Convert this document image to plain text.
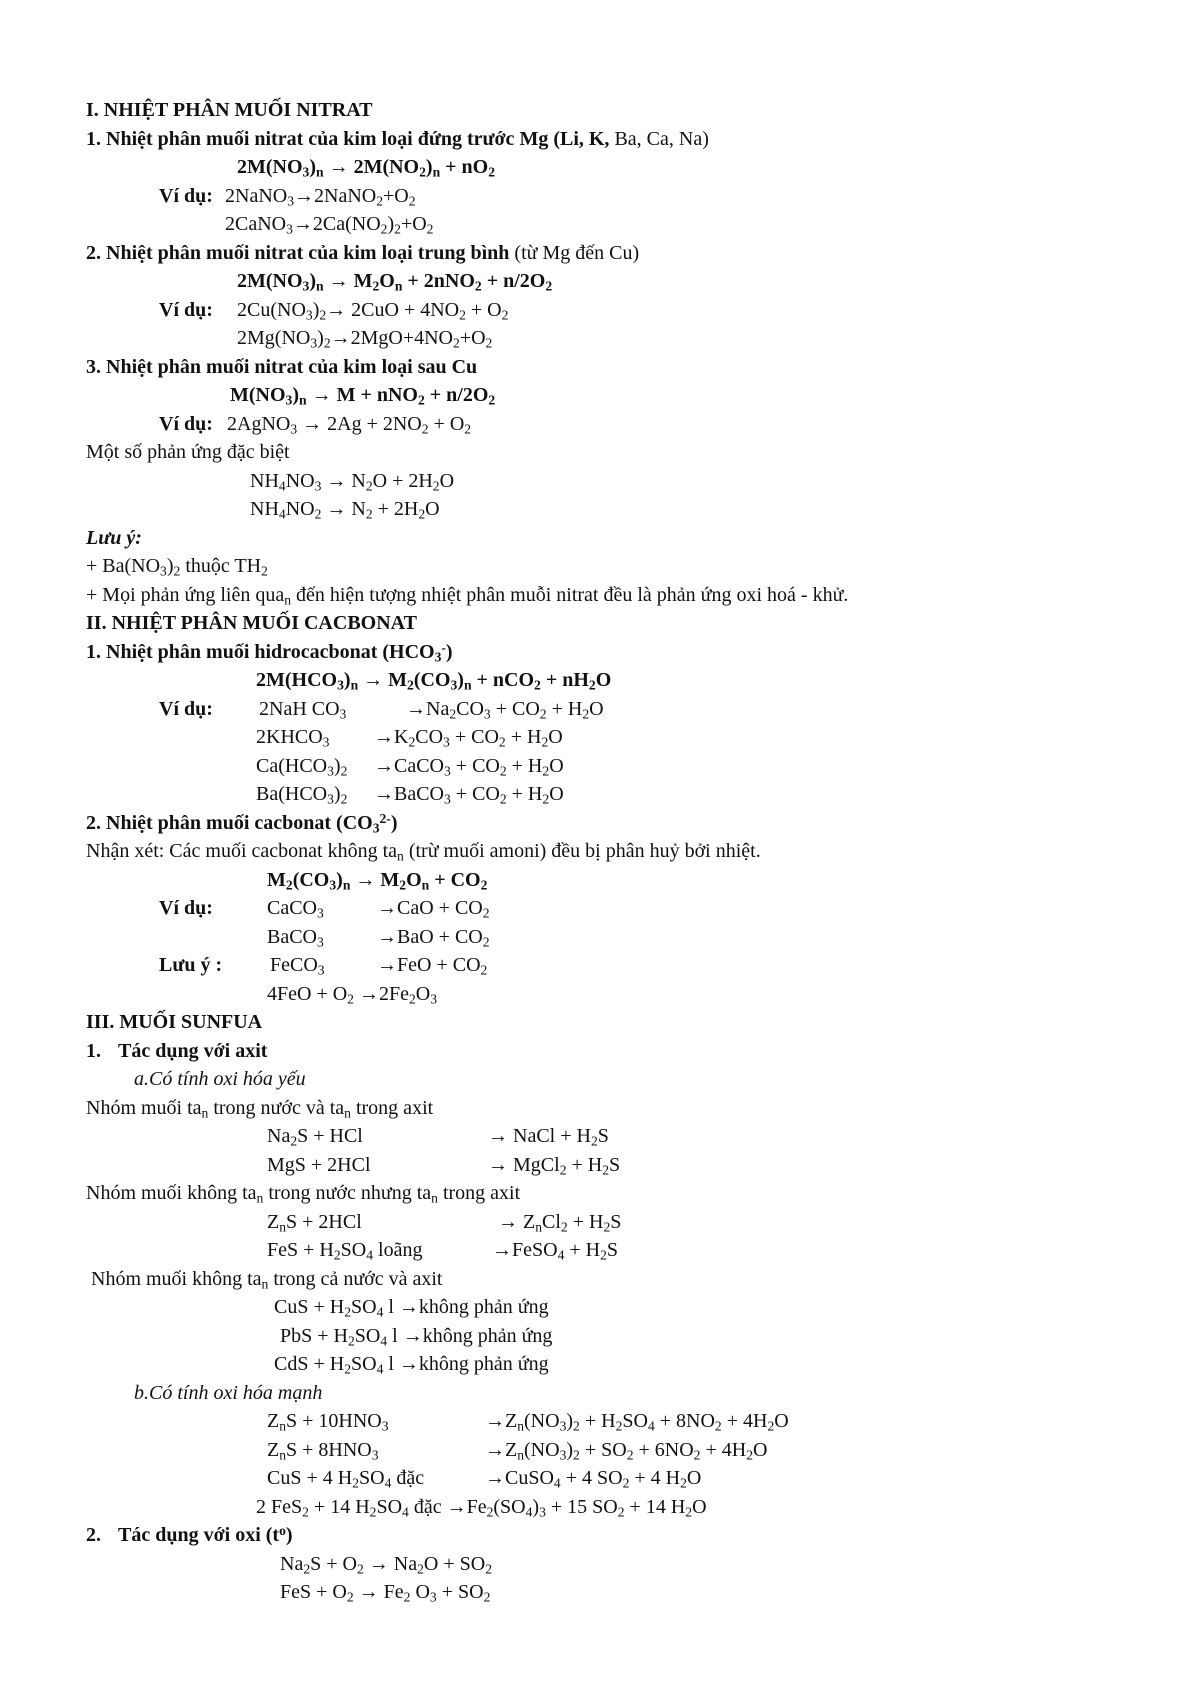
I. NHIỆT PHÂN MUỐI NITRAT
1. Nhiệt phân muối nitrat của kim loại đứng trước Mg (Li, K, Ba, Ca, Na)
$2M(NO_3)_n \to 2M(NO_2)_n + nO_2$
Ví dụ: $2NaNO_3\to 2NaNO_2+O_2$
$2CaNO_3\to 2Ca(NO_2)_2+O_2$
2. Nhiệt phân muối nitrat của kim loại trung bình (từ Mg đến Cu)
$2M(NO_3)_n \to M_2O_n + 2nNO_2 + n/2O_2$
Ví dụ: $2Cu(NO_3)_2\to 2CuO + 4NO_2 + O_2$
$2Mg(NO_3)_2\to 2MgO+4NO_2+O_2$
3. Nhiệt phân muối nitrat của kim loại sau Cu
$M(NO_3)_n \to M + nNO_2 + n/2O_2$
Ví dụ: 2AgNO$_3$ → $2Ag + 2NO_2 + O_2$
Một số phản ứng đặc biệt
$NH_4NO_3 \to N_2O + 2H_2O$
$NH_4NO_2 \to N_2 + 2H_2O$
Lưu ý:
+ $Ba(NO_3)_2$ thuộc $TH_2$
+ Mọi phản ứng liên qua$_n$ đến hiện tượng nhiệt phân muỗi nitrat đều là phản ứng oxi hoá - khử.
II. NHIỆT PHÂN MUỐI CACBONAT
1. Nhiệt phân muối hidrocacbonat $(HCO_3^-)$
$2M(HCO_3)_n \to M_2(CO_3)_n + nCO_2 + nH_2O$
Ví dụ: 2NaH $CO_3$	$\to Na_2CO_3 + CO_2 + H_2O$
$2KHCO_3 \to K_2CO_3 + CO_2 + H_2O$
$Ca(HCO_3)_2$ →CaCO$_3$ + $CO_2 + H_2O$
$Ba(HCO_3)_2$ →BaCO$_3$ + $CO_2 + H_2O$
2. Nhiệt phân muối cacbonat $(CO_3^{2-})$
Nhận xét: Các muối cacbonat không $ta_n$ (trừ muối amoni) đều bị phân huỷ bởi nhiệt.
$M_2(CO_3)_n \to M_2O_n + CO_2$
Ví dụ:	CaCO$_3$	$\to CaO + CO_2$
BaCO$_3$	$\to BaO + CO_2$
Lưu ý : FeCO$_3$	$\to FeO + CO_2$
$4FeO + O_2 \to 2Fe_2O_3$
III. MUỐI SUNFUA
1. Tác dụng với axit
a.Có tính oxi hóa yếu
Nhóm muối $ta_n$ trong nước và $ta_n$ trong axit
$Na_2S$ + HCl	→ NaCl + $H_2S$
MgS + 2HCl	→ MgCl$_2$ + $H_2S$
Nhóm muối không $ta_n$ trong nước nhưng $ta_n$ trong axit
$Z_nS + 2HCl$	→ $Z_nCl_2 + H_2S$
FeS + $H_2SO_4$ loãng	→FeSO$_4$ + $H_2S$
Nhóm muối không $ta_n$ trong cả nước và axit
CuS + $H_2SO_4$ l →không phản ứng
PbS + $H_2SO_4$ l →không phản ứng
CdS + $H_2SO_4$ l →không phản ứng
b.Có tính oxi hóa mạnh
$Z_nS + 10HNO_3$	$\to Z_n(NO_3)_2 + H_2SO_4 + 8NO_2 + 4H_2O$
$Z_nS + 8HNO_3$	$\to Z_n(NO_3)_2 + SO_2 + 6NO_2 + 4H_2O$
CuS + 4 $H_2SO_4$ đặc	→CuSO$_4$ + 4 $SO_2 + 4$ $H_2O$
2 FeS$_2$ + 14 $H_2SO_4$ đặc $\to Fe_2(SO_4)_3 + 15$ $SO_2 + 14$ $H_2O$
2. Tác dụng với oxi $(t^o)$
$Na_2S + O_2 \to Na_2O + SO_2$
FeS + $O_2 \to Fe_2$ $O_3 + SO_2$
